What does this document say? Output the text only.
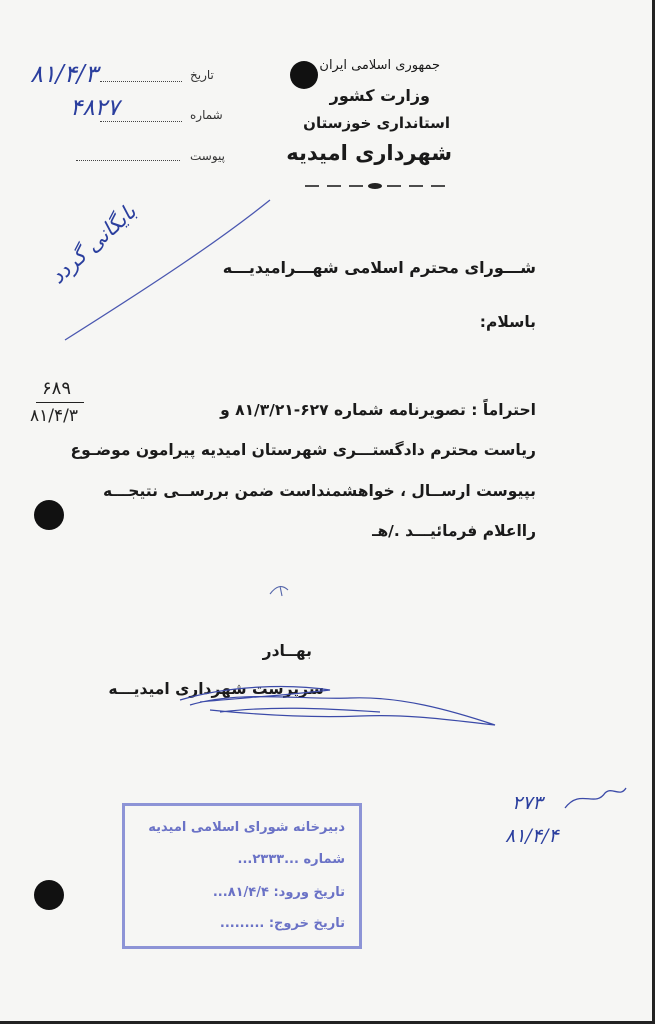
جمهوری اسلامی ایران
وزارت کشور
استانداری خوزستان
شهرداری امیدیه
تاریخ
شماره
پیوست
۸۱/۴/۳
۴۸۲۷
بایگانی گردد
۶۸۹
۸۱/۴/۳
شـــورای محترم اسلامی شهـــرامیدیـــه
باسلام:
احتراماً : تصویرنامه شماره ۶۲۷-۸۱/۳/۲۱ و
ریاست محترم دادگستـــری شهرستان امیدیه پیرامون موضـوع
بپیوست ارســال ، خواهشمنداست ضمن بررســی نتیجـــه
رااعلام فرمائیـــد ./هـ
بهــادر
سرپرست شهرداری امیدیـــه
۲۷۳
۸۱/۴/۴
دبیرخانه شورای اسلامی امیدیه
شماره ...۲۳۳۳...
تاریخ ورود: ۸۱/۴/۴...
تاریخ خروج: .........
